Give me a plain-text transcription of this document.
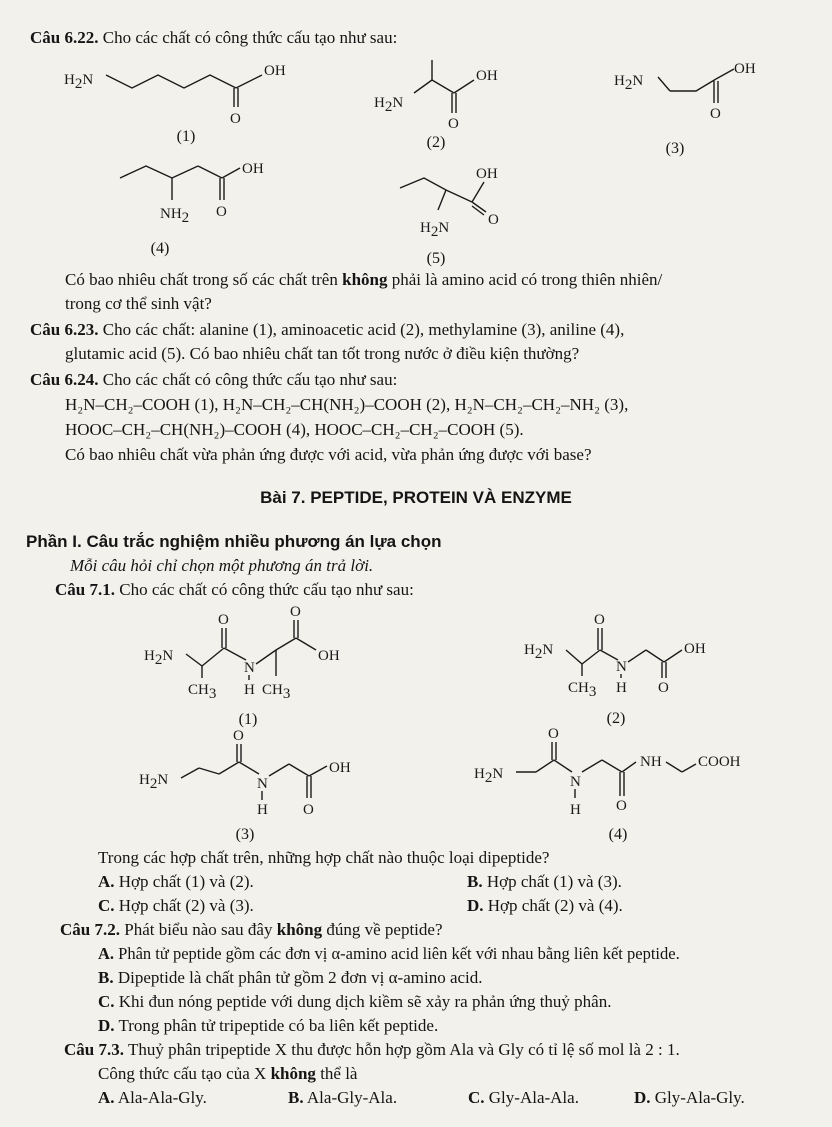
Câu 6.22. Cho các chất có công thức cấu tạo như sau:
H2N
OH
O
(1)
H2N
OH
O
(2)
H2N
OH
O
(3)
NH2
OH
O
(4)
OH
O
H2N
(5)
Có bao nhiêu chất trong số các chất trên không phải là amino acid có trong thiên nhiên/
trong cơ thể sinh vật?
Câu 6.23. Cho các chất: alanine (1), aminoacetic acid (2), methylamine (3), aniline (4),
glutamic acid (5). Có bao nhiêu chất tan tốt trong nước ở điều kiện thường?
Câu 6.24. Cho các chất có công thức cấu tạo như sau:
H₂N–CH₂–COOH (1), H₂N–CH₂–CH(NH₂)–COOH (2), H₂N–CH₂–CH₂–NH₂ (3),
HOOC–CH₂–CH(NH₂)–COOH (4), HOOC–CH₂–CH₂–COOH (5).
Có bao nhiêu chất vừa phản ứng được với acid, vừa phản ứng được với base?
Bài 7. PEPTIDE, PROTEIN VÀ ENZYME
Phần I. Câu trắc nghiệm nhiều phương án lựa chọn
Mỗi câu hỏi chỉ chọn một phương án trả lời.
Câu 7.1. Cho các chất có công thức cấu tạo như sau:
H2N
CH3
O
N
H CH3
O
OH
(1)
H2N
CH3
O
N
H
OH
O
(2)
H2N
O
N
H
OH
O
(3)
H2N
O
N
H O
NH COOH
(4)
Trong các hợp chất trên, những hợp chất nào thuộc loại dipeptide?
A. Hợp chất (1) và (2).	B. Hợp chất (1) và (3).
C. Hợp chất (2) và (3).	D. Hợp chất (2) và (4).
Câu 7.2. Phát biểu nào sau đây không đúng về peptide?
A. Phân tử peptide gồm các đơn vị α-amino acid liên kết với nhau bằng liên kết peptide.
B. Dipeptide là chất phân tử gồm 2 đơn vị α-amino acid.
C. Khi đun nóng peptide với dung dịch kiềm sẽ xảy ra phản ứng thuỷ phân.
D. Trong phân tử tripeptide có ba liên kết peptide.
Câu 7.3. Thuỷ phân tripeptide X thu được hỗn hợp gồm Ala và Gly có tỉ lệ số mol là 2 : 1.
Công thức cấu tạo của X không thể là
A. Ala-Ala-Gly.	B. Ala-Gly-Ala.	C. Gly-Ala-Ala.	D. Gly-Ala-Gly.
